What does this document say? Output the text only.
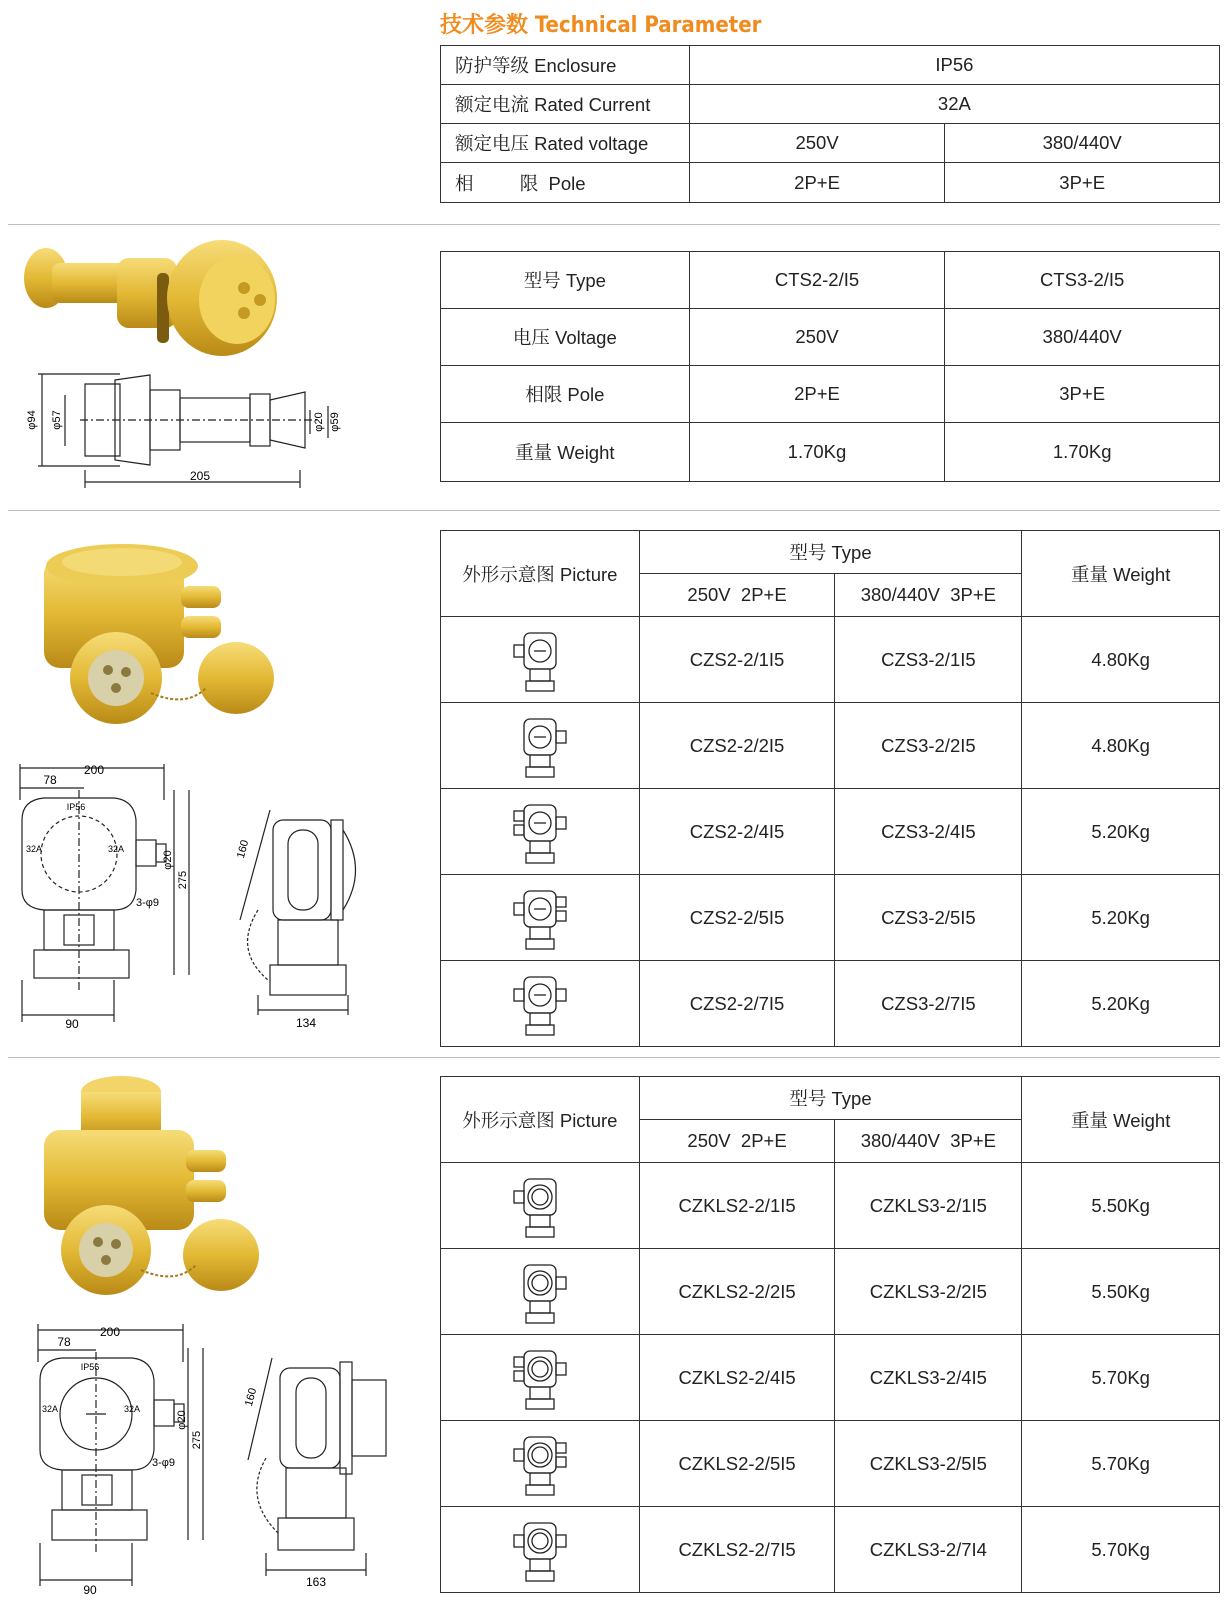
技术参数 Technical Parameter
防护等级 Enclosure	IP56	
额定电流 Rated Current	32A	
额定电压 Rated voltage	250V	380/440V
相         限  Pole	2P+E	3P+E
φ94 φ57	φ20 φ59
205
型号 Type	CTS2-2/I5	CTS3-2/I5
电压 Voltage	250V	380/440V
相限 Pole	2P+E	3P+E
重量 Weight	1.70Kg	1.70Kg
200
78
IP56
32A	32A
φ20
275
3-φ9
90
160
134
外形示意图 Picture	型号 Type		重量 Weight
	250V  2P+E	380/440V  3P+E	

	CZS2-2/1I5	CZS3-2/1I5	4.80Kg

	CZS2-2/2I5	CZS3-2/2I5	4.80Kg

	CZS2-2/4I5	CZS3-2/4I5	5.20Kg

	CZS2-2/5I5	CZS3-2/5I5	5.20Kg

	CZS2-2/7I5	CZS3-2/7I5	5.20Kg
200
78
IP56
32A	32A
φ20
275
3-φ9
90
160
163
外形示意图 Picture	型号 Type		重量 Weight
	250V  2P+E	380/440V  3P+E	

	CZKLS2-2/1I5	CZKLS3-2/1I5	5.50Kg

	CZKLS2-2/2I5	CZKLS3-2/2I5	5.50Kg

	CZKLS2-2/4I5	CZKLS3-2/4I5	5.70Kg

	CZKLS2-2/5I5	CZKLS3-2/5I5	5.70Kg

	CZKLS2-2/7I5	CZKLS3-2/7I4	5.70Kg
